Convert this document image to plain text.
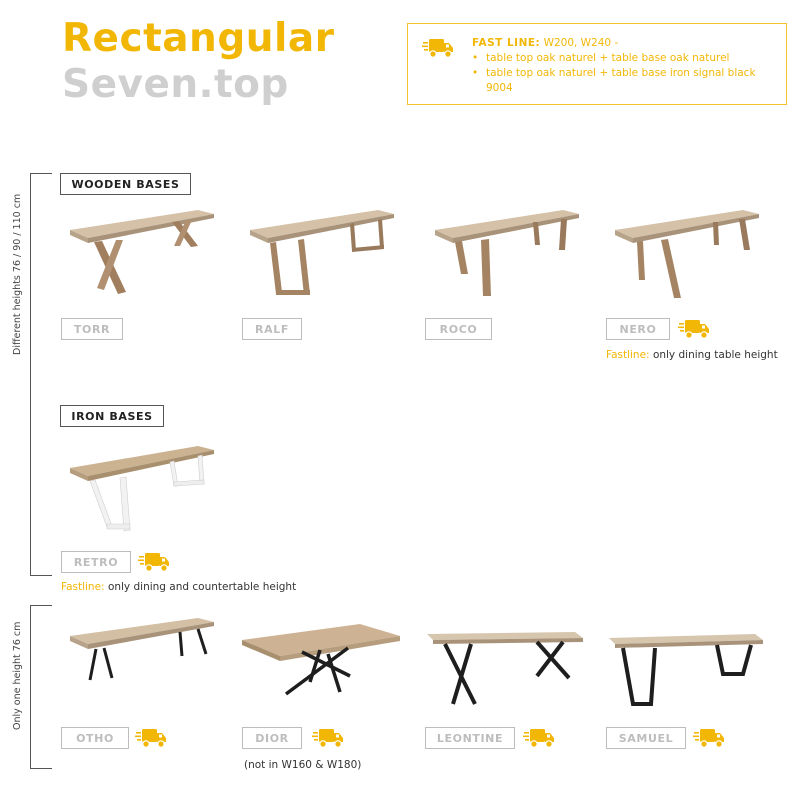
Rectangular
Seven.top
FAST LINE: W200, W240 -
• table top oak naturel + table base oak naturel
• table top oak naturel + table base iron signal black 9004
Different heights 76 / 90 / 110 cm
Only one height 76 cm
WOODEN BASES
IRON BASES
TORR	RALF	ROCO	NERO
Fastline: only dining table height
RETRO
Fastline: only dining and countertable height
OTHO	DIOR
(not in W160 & W180)
LEONTINE	SAMUEL
